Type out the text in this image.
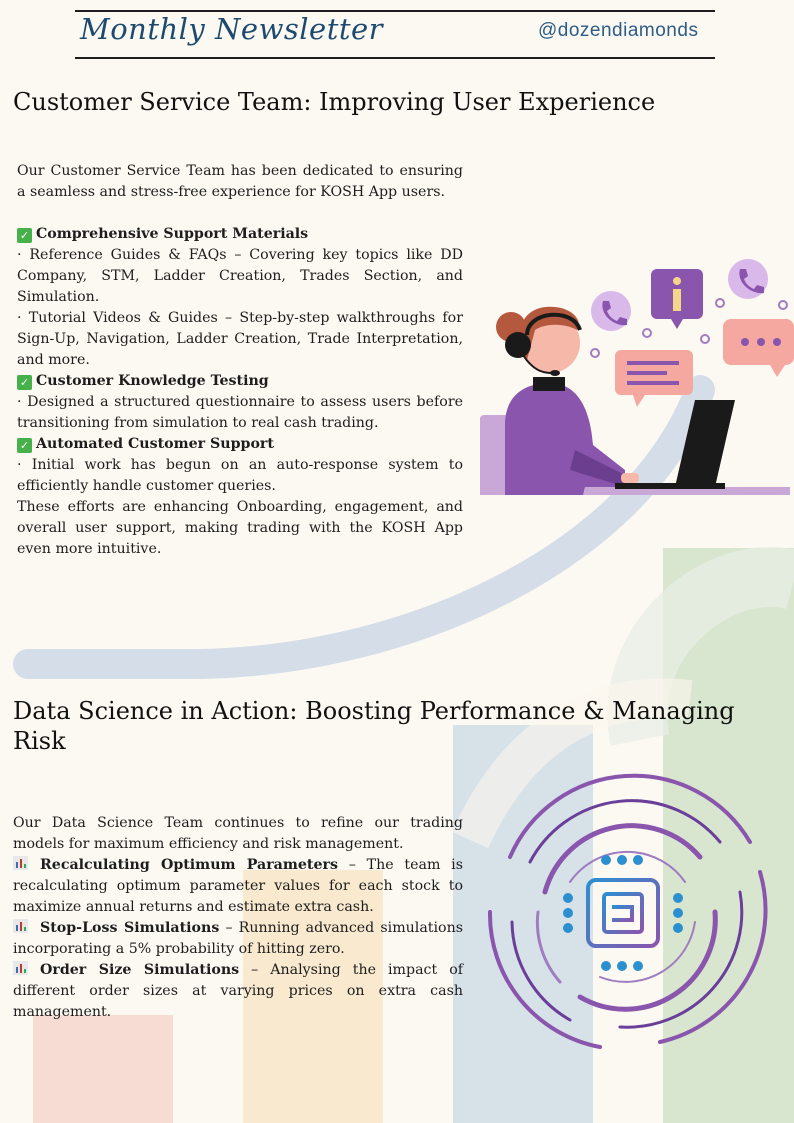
Monthly Newsletter	@dozendiamonds
Customer Service Team: Improving User Experience

Our Customer Service Team has been dedicated to ensuring a seamless and stress-free experience for KOSH App users.

✓ Comprehensive Support Materials

· Reference Guides & FAQs – Covering key topics like DD Company, STM, Ladder Creation, Trades Section, and Simulation.

· Tutorial Videos & Guides – Step-by-step walkthroughs for Sign-Up, Navigation, Ladder Creation, Trade Interpretation, and more.

✓ Customer Knowledge Testing

· Designed a structured questionnaire to assess users before transitioning from simulation to real cash trading.

✓ Automated Customer Support

· Initial work has begun on an auto-response system to efficiently handle customer queries.

These efforts are enhancing Onboarding, engagement, and overall user support, making trading with the KOSH App even more intuitive.

Data Science in Action: Boosting Performance & Managing Risk

Our Data Science Team continues to refine our trading models for maximum efficiency and risk management.

Recalculating Optimum Parameters – The team is recalculating optimum parameter values for each stock to maximize annual returns and estimate extra cash.

Stop-Loss Simulations – Running advanced simulations incorporating a 5% probability of hitting zero.

Order Size Simulations – Analysing the impact of different order sizes at varying prices on extra cash management.
